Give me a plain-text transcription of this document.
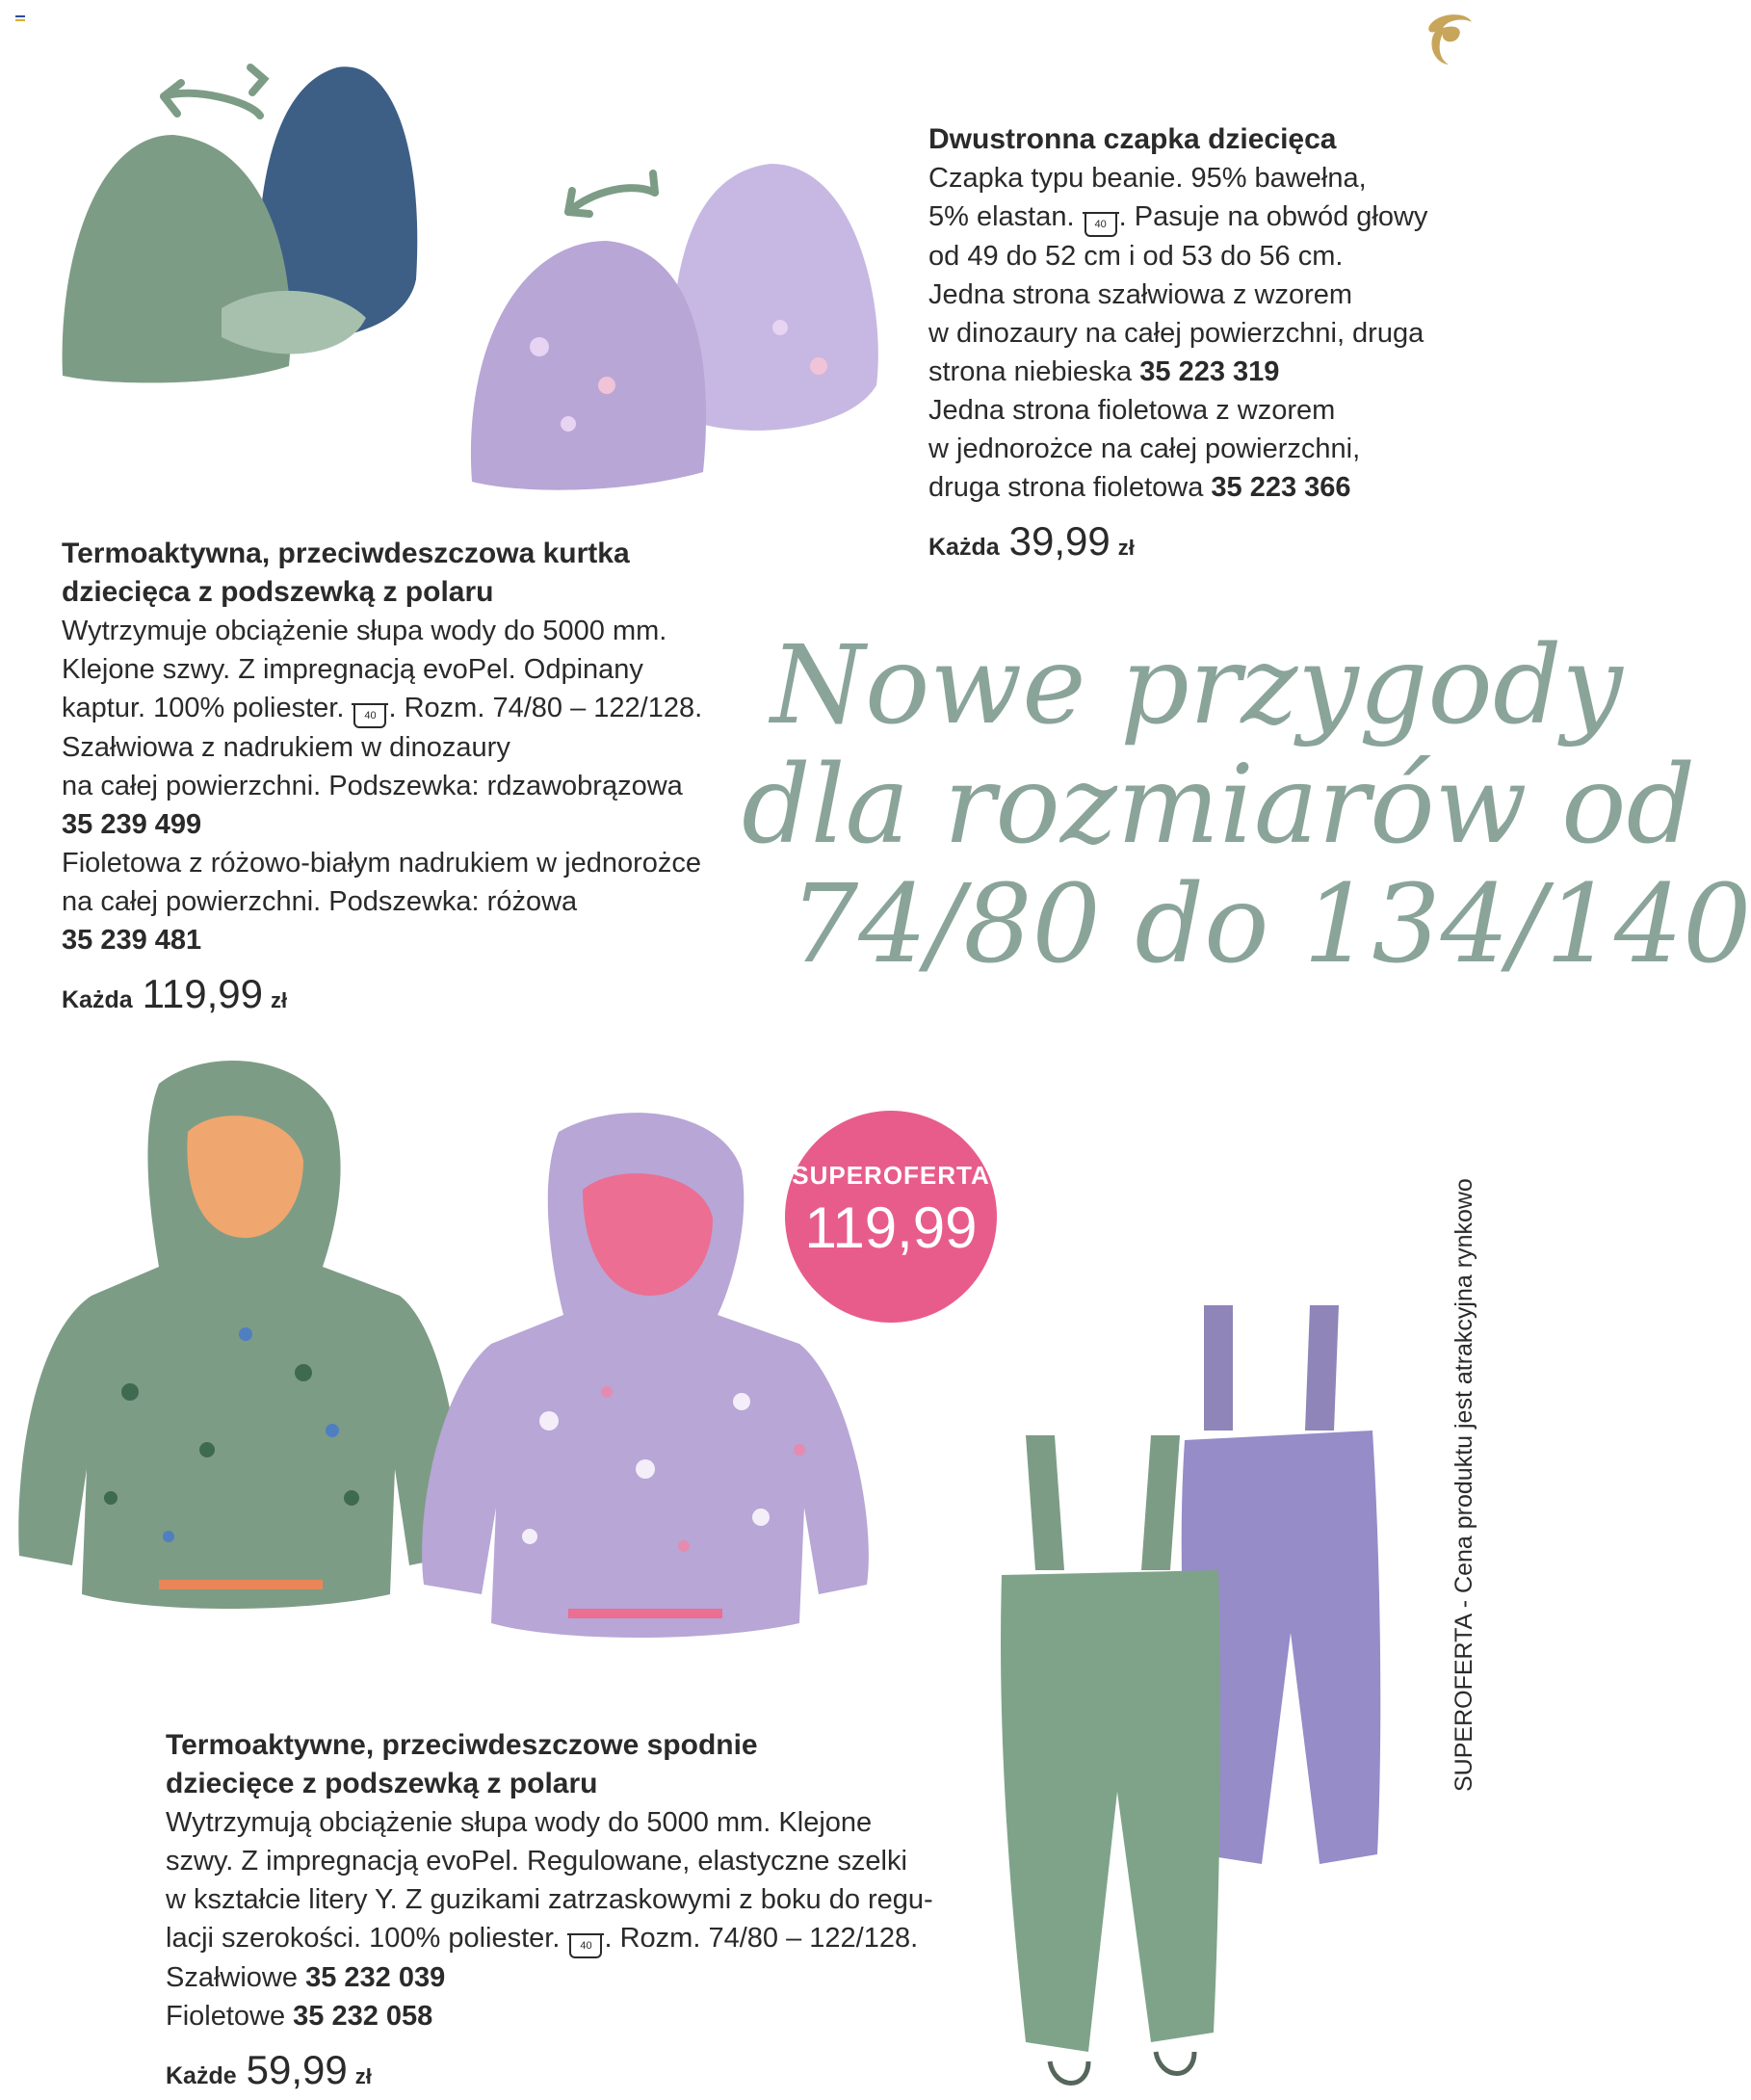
Dwustronna czapka dziecięca
Czapka typu beanie. 95% bawełna,
5% elastan. 40 . Pasuje na obwód głowy
od 49 do 52 cm i od 53 do 56 cm.
Jedna strona szałwiowa z wzorem
w dinozaury na całej powierzchni, druga
strona niebieska 35 223 319
Jedna strona fioletowa z wzorem
w jednorożce na całej powierzchni,
druga strona fioletowa 35 223 366
Każda 39,99 zł
Termoaktywna, przeciwdeszczowa kurtka
dziecięca z podszewką z polaru
Wytrzymuje obciążenie słupa wody do 5000 mm.
Klejone szwy. Z impregnacją evoPel. Odpinany
kaptur. 100% poliester. 40 . Rozm. 74/80 – 122/128.
Szałwiowa z nadrukiem w dinozaury
na całej powierzchni. Podszewka: rdzawobrązowa
35 239 499
Fioletowa z różowo-białym nadrukiem w jednorożce
na całej powierzchni. Podszewka: różowa
35 239 481
Każda 119,99 zł
Nowe przygody
dla rozmiarów od
74/80 do 134/140
SUPEROFERTA
119,99	SUPEROFERTA - Cena produktu jest atrakcyjna rynkowo
Termoaktywne, przeciwdeszczowe spodnie
dziecięce z podszewką z polaru
Wytrzymują obciążenie słupa wody do 5000 mm. Klejone
szwy. Z impregnacją evoPel. Regulowane, elastyczne szelki
w kształcie litery Y. Z guzikami zatrzaskowymi z boku do regu-
lacji szerokości. 100% poliester. 40 . Rozm. 74/80 – 122/128.
Szałwiowe 35 232 039
Fioletowe 35 232 058
Każde 59,99 zł
